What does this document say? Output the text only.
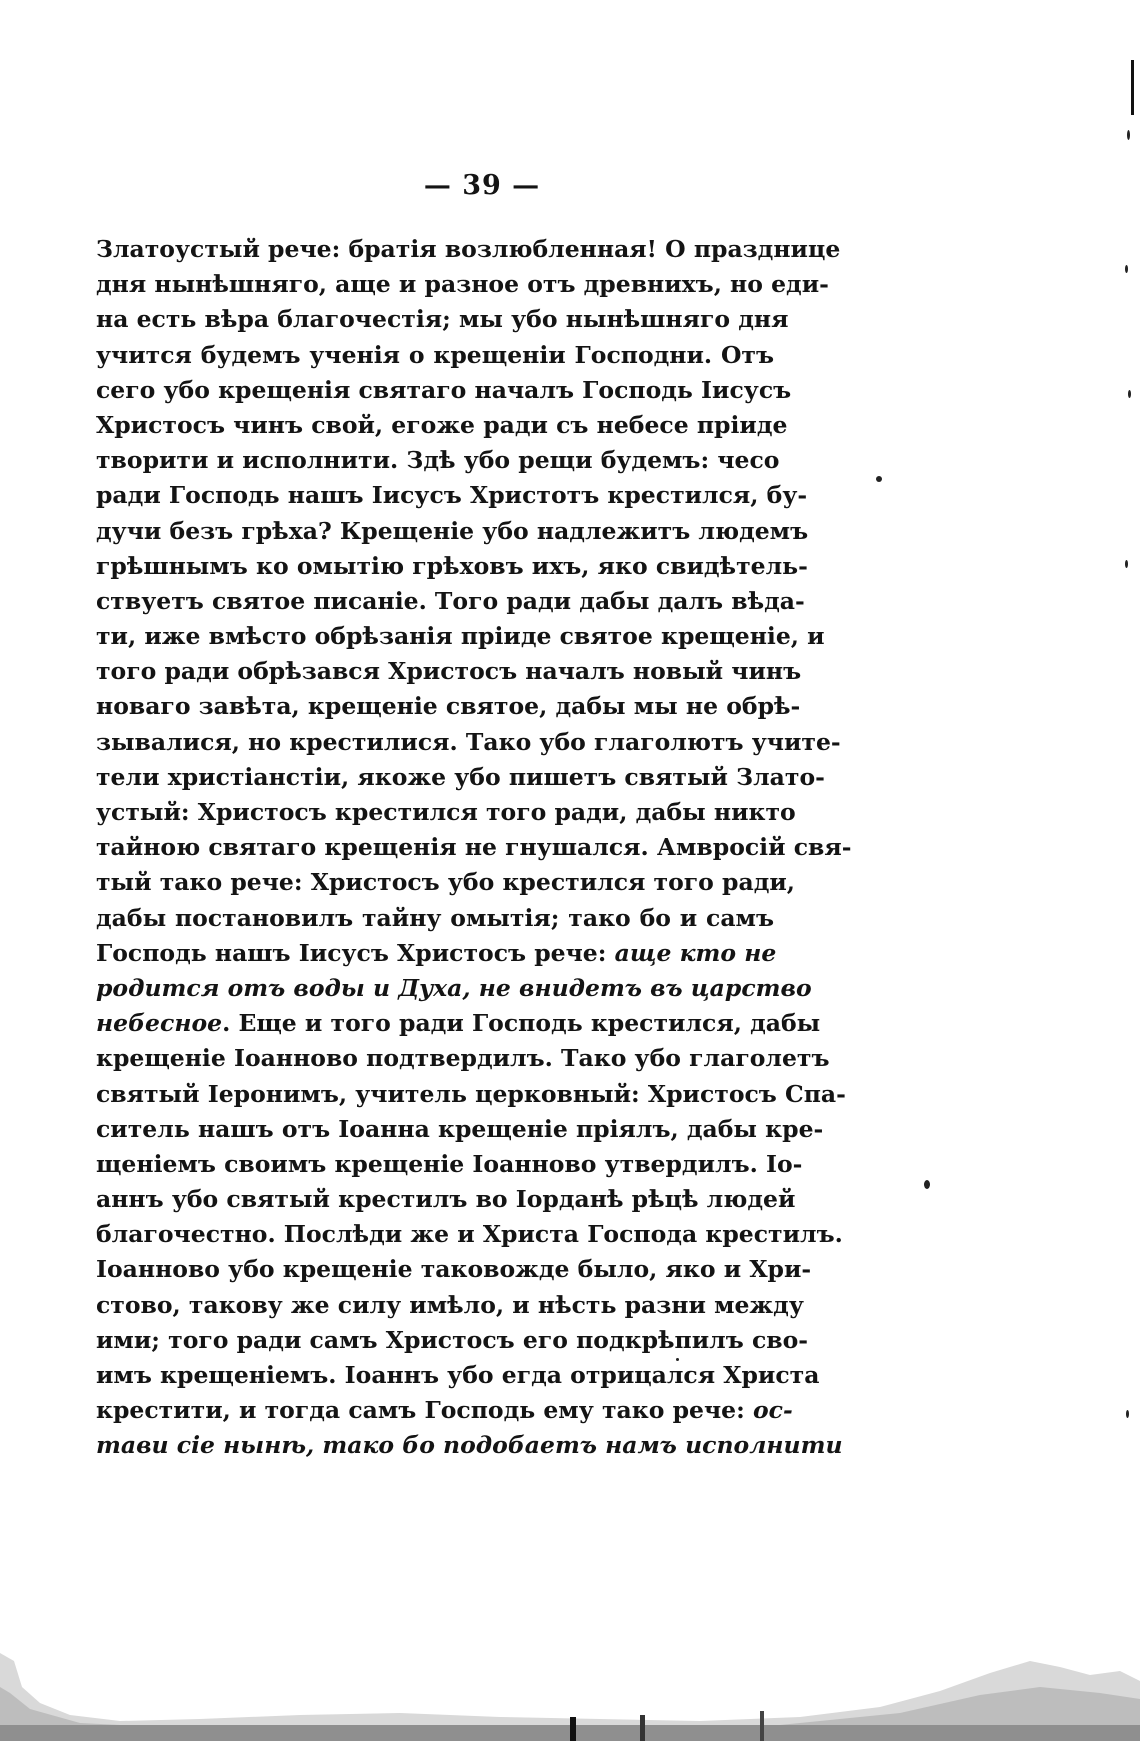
— 39 —
Златоустый рече: братія возлюбленная! О празднице
дня нынѣшняго, аще и разное отъ древнихъ, но еди-
на есть вѣра благочестія; мы убо нынѣшняго дня
учится будемъ ученія о крещеніи Господни. Отъ
сего убо крещенія святаго началъ Господь Іисусъ
Христосъ чинъ свой, егоже ради съ небесе пріиде
творити и исполнити. Здѣ убо рещи будемъ: чесо
ради Господь нашъ Іисусъ Христотъ крестился, бу-
дучи безъ грѣха? Крещеніе убо надлежитъ людемъ
грѣшнымъ ко омытію грѣховъ ихъ, яко свидѣтель-
ствуетъ святое писаніе. Того ради дабы далъ вѣда-
ти, иже вмѣсто обрѣзанія пріиде святое крещеніе, и
того ради обрѣзався Христосъ началъ новый чинъ
новаго завѣта, крещеніе святое, дабы мы не обрѣ-
зывалися, но крестилися. Тако убо глаголютъ учите-
тели христіанстіи, якоже убо пишетъ святый Злато-
устый: Христосъ крестился того ради, дабы никто
тайною святаго крещенія не гнушался. Амвросій свя-
тый тако рече: Христосъ убо крестился того ради,
дабы постановилъ тайну омытія; тако бо и самъ
Господь нашъ Іисусъ Христосъ рече: аще кто не
родится отъ воды и Духа, не внидетъ въ царство
небесное. Еще и того ради Господь крестился, дабы
крещеніе Іоанново подтвердилъ. Тако убо глаголетъ
святый Іеронимъ, учитель церковный: Христосъ Спа-
ситель нашъ отъ Іоанна крещеніе пріялъ, дабы кре-
щеніемъ своимъ крещеніе Іоанново утвердилъ. Іо-
аннъ убо святый крестилъ во Іорданѣ рѣцѣ людей
благочестно. Послѣди же и Христа Господа крестилъ.
Іоанново убо крещеніе таковожде было, яко и Хри-
стово, такову же силу имѣло, и нѣсть разни между
ими; того ради самъ Христосъ его подкрѣпилъ сво-
имъ крещеніемъ. Іоаннъ убо егда отрицался Христа
крестити, и тогда самъ Господь ему тако рече: ос-
тави сіе нынѣ, тако бо подобаетъ намъ исполнити
